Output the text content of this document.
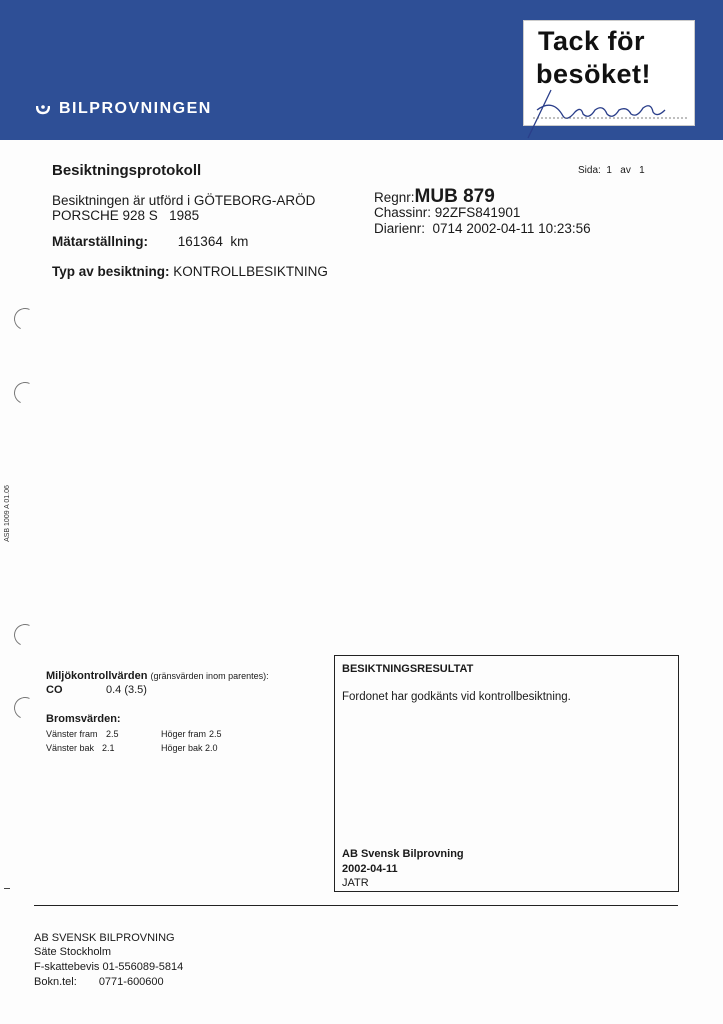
BILPROVNINGEN
Tack för
besöket!
Besiktningsprotokoll	Sida: 1 av 1
Besiktningen är utförd i GÖTEBORG-ARÖD
PORSCHE 928 S 1985
Mätarställning: 161364 km
Typ av besiktning: KONTROLLBESIKTNING
Regnr:MUB 879
Chassinr: 92ZFS841901
Diarienr: 0714 2002-04-11 10:23:56
ASB 1009 A 01.06
Miljökontrollvärden (gränsvärden inom parentes):
CO	0.4 (3.5)
Bromsvärden:
Vänster fram 2.5	Höger fram 2.5
Vänster bak 2.1	Höger bak 2.0
BESIKTNINGSRESULTAT
Fordonet har godkänts vid kontrollbesiktning.
AB Svensk Bilprovning
2002-04-11
JATR
AB SVENSK BILPROVNING
Säte Stockholm
F-skattebevis 01-556089-5814
Bokn.tel: 0771-600600
